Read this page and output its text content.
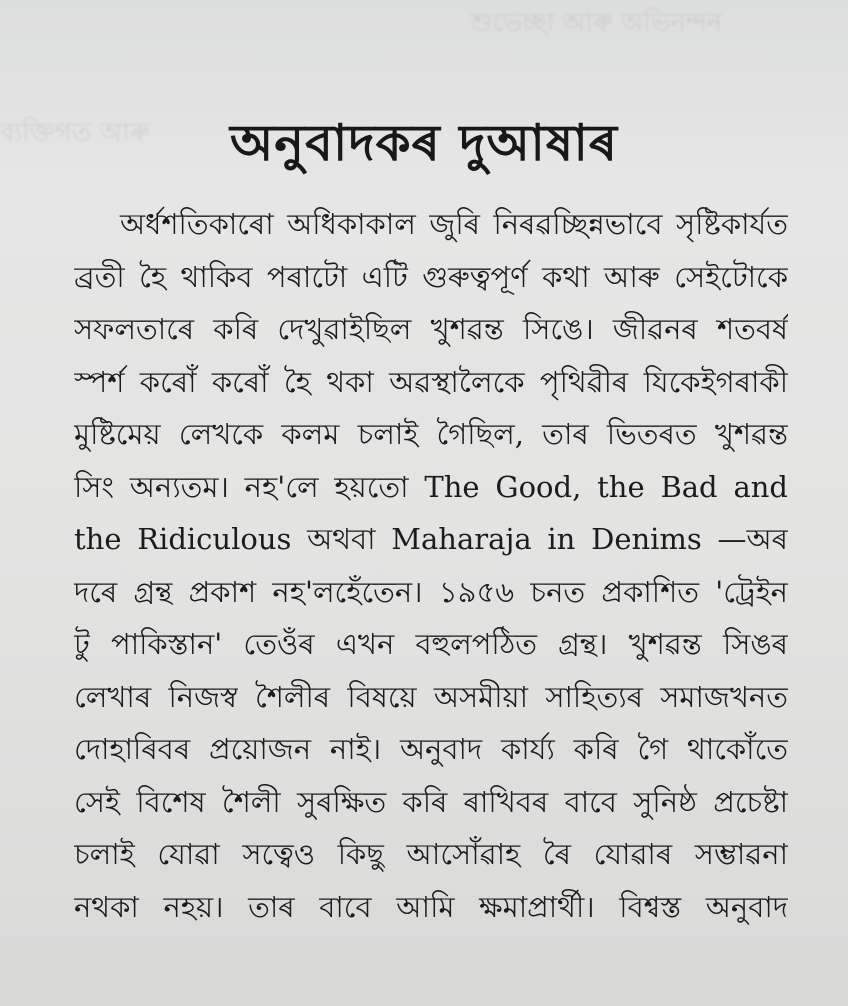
শুভেচ্ছা আৰু অভিনন্দন
ব্যক্তিগত আৰু	অনুবাদকৰ দুআষাৰ
অৰ্ধশতিকাৰো অধিকাকাল জুৰি নিৰৱচ্ছিন্নভাবে সৃষ্টিকাৰ্যত
ব্ৰতী হৈ থাকিব পৰাটো এটি গুৰুত্বপূৰ্ণ কথা আৰু সেইটোকে
সফলতাৰে কৰি দেখুৱাইছিল খুশৱন্ত সিঙে। জীৱনৰ শতবৰ্ষ
স্পৰ্শ কৰোঁ কৰোঁ হৈ থকা অৱস্থালৈকে পৃথিৱীৰ যিকেইগৰাকী
মুষ্টিমেয় লেখকে কলম চলাই গৈছিল, তাৰ ভিতৰত খুশৱন্ত
সিং অন্যতম। নহ'লে হয়তো The Good, the Bad and
the Ridiculous অথবা Maharaja in Denims —অৰ
দৰে গ্ৰন্থ প্ৰকাশ নহ'লহেঁতেন। ১৯৫৬ চনত প্ৰকাশিত 'ট্ৰেইন
টু পাকিস্তান' তেওঁৰ এখন বহুলপঠিত গ্ৰন্থ। খুশৱন্ত সিঙৰ
লেখাৰ নিজস্ব শৈলীৰ বিষয়ে অসমীয়া সাহিত্যৰ সমাজখনত
দোহাৰিবৰ প্ৰয়োজন নাই। অনুবাদ কাৰ্য্য কৰি গৈ থাকোঁতে
সেই বিশেষ শৈলী সুৰক্ষিত কৰি ৰাখিবৰ বাবে সুনিষ্ঠ প্ৰচেষ্টা
চলাই যোৱা সত্বেও কিছু আসোঁৱাহ ৰৈ যোৱাৰ সম্ভাৱনা
নথকা নহয়। তাৰ বাবে আমি ক্ষমাপ্ৰাৰ্থী। বিশ্বস্ত অনুবাদ
